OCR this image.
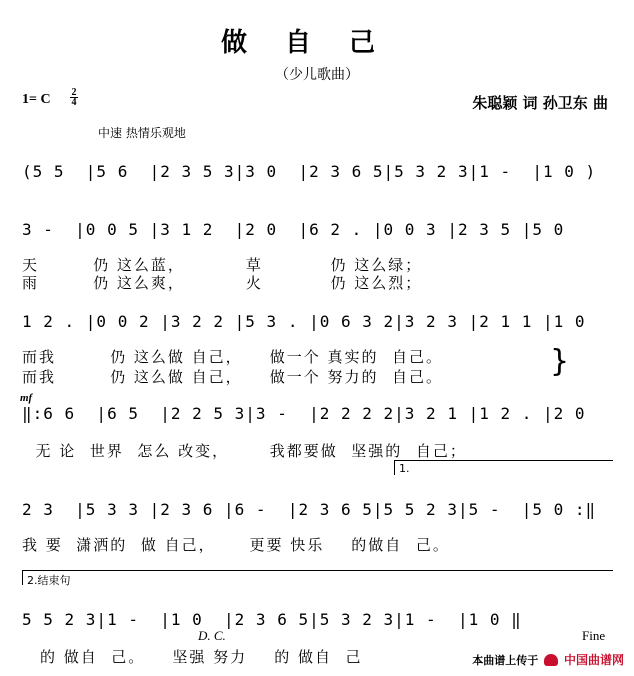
做自己
（少儿歌曲）
1= C 2
4	朱聪颖 词 孙卫东 曲
中速 热情乐观地
(5 5  |5 6  |2 3 5 3|3 0  |2 3 6 5|5 3 2 3|1 -  |1 0 )
3 -  |0 0 5 |3 1 2  |2 0  |6 2 . |0 0 3 |2 3 5 |5 0
天        仍 这么蓝，         草          仍 这么绿；
雨        仍 这么爽，         火          仍 这么烈；
1 2 . |0 0 2 |3 2 2 |5 3 . |0 6 3 2|3 2 3 |2 1 1 |1 0
而我        仍 这么做 自己，    做一个 真实的  自己。
而我        仍 这么做 自己，    做一个 努力的  自己。	}
mf
‖:6 6  |6 5  |2 2 5 3|3 -  |2 2 2 2|3 2 1 |1 2 . |2 0
无 论  世界  怎么 改变，      我都要做  坚强的  自己；
1.
2 3  |5 3 3 |2 3 6 |6 -  |2 3 6 5|5 5 2 3|5 -  |5 0 :‖
我 要  潇洒的  做 自己，     更要 快乐    的做自  己。
2.结束句
5 5 2 3|1 -  |1 0  |2 3 6 5|5 3 2 3|1 -  |1 0 ‖
D. C.	Fine
的 做自  己。    坚强 努力    的 做自  己	本曲谱上传于 中国曲谱网
